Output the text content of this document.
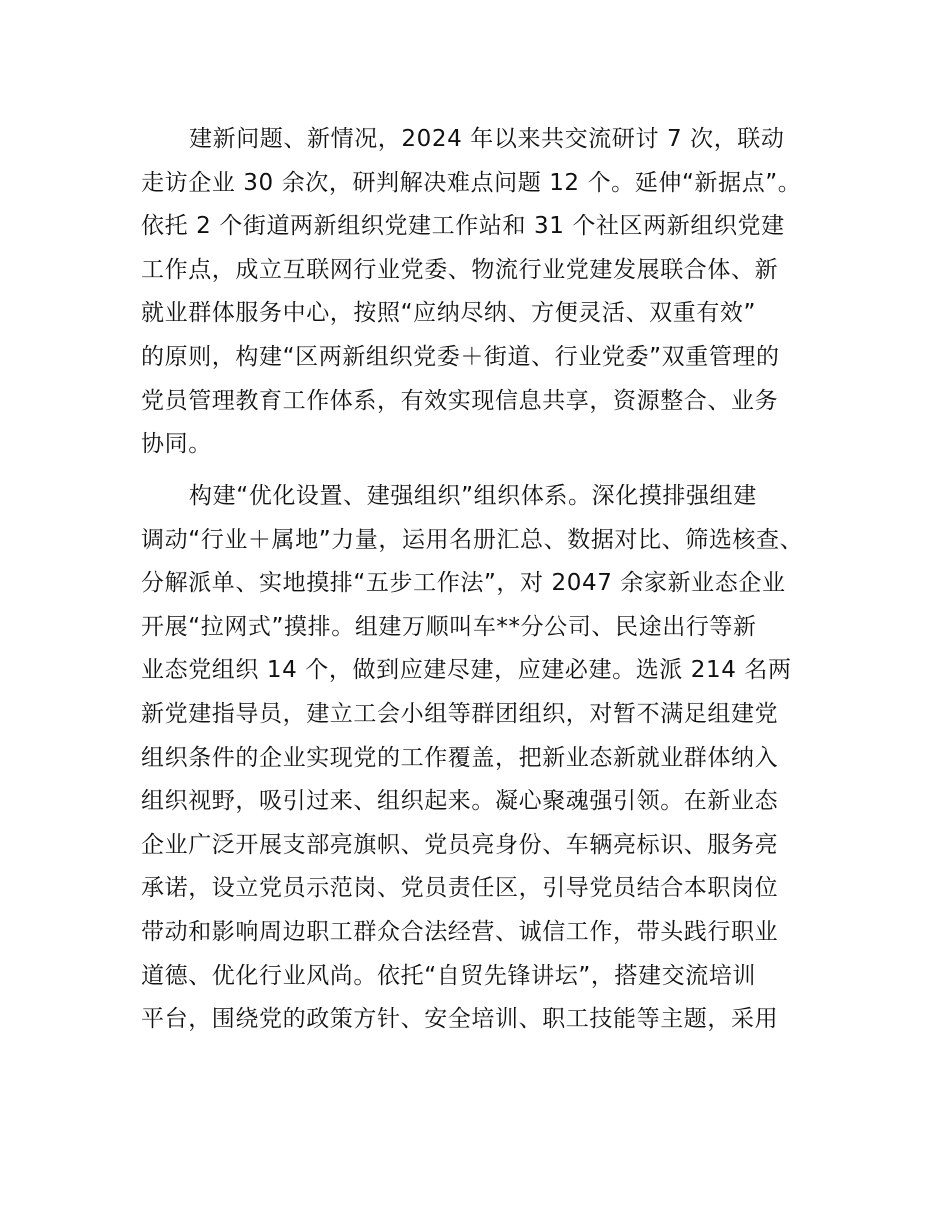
建新问题、新情况，2024 年以来共交流研讨 7 次，联动
走访企业 30 余次，研判解决难点问题 12 个。延伸“新据点”。
依托 2 个街道两新组织党建工作站和 31 个社区两新组织党建
工作点，成立互联网行业党委、物流行业党建发展联合体、新
就业群体服务中心，按照“应纳尽纳、方便灵活、双重有效”
的原则，构建“区两新组织党委＋街道、行业党委”双重管理的
党员管理教育工作体系，有效实现信息共享，资源整合、业务
协同。
构建“优化设置、建强组织”组织体系。深化摸排强组建
调动“行业＋属地”力量，运用名册汇总、数据对比、筛选核查、
分解派单、实地摸排“五步工作法”，对 2047 余家新业态企业
开展“拉网式”摸排。组建万顺叫车**分公司、民途出行等新
业态党组织 14 个，做到应建尽建，应建必建。选派 214 名两
新党建指导员，建立工会小组等群团组织，对暂不满足组建党
组织条件的企业实现党的工作覆盖，把新业态新就业群体纳入
组织视野，吸引过来、组织起来。凝心聚魂强引领。在新业态
企业广泛开展支部亮旗帜、党员亮身份、车辆亮标识、服务亮
承诺，设立党员示范岗、党员责任区，引导党员结合本职岗位
带动和影响周边职工群众合法经营、诚信工作，带头践行职业
道德、优化行业风尚。依托“自贸先锋讲坛”，搭建交流培训
平台，围绕党的政策方针、安全培训、职工技能等主题，采用
